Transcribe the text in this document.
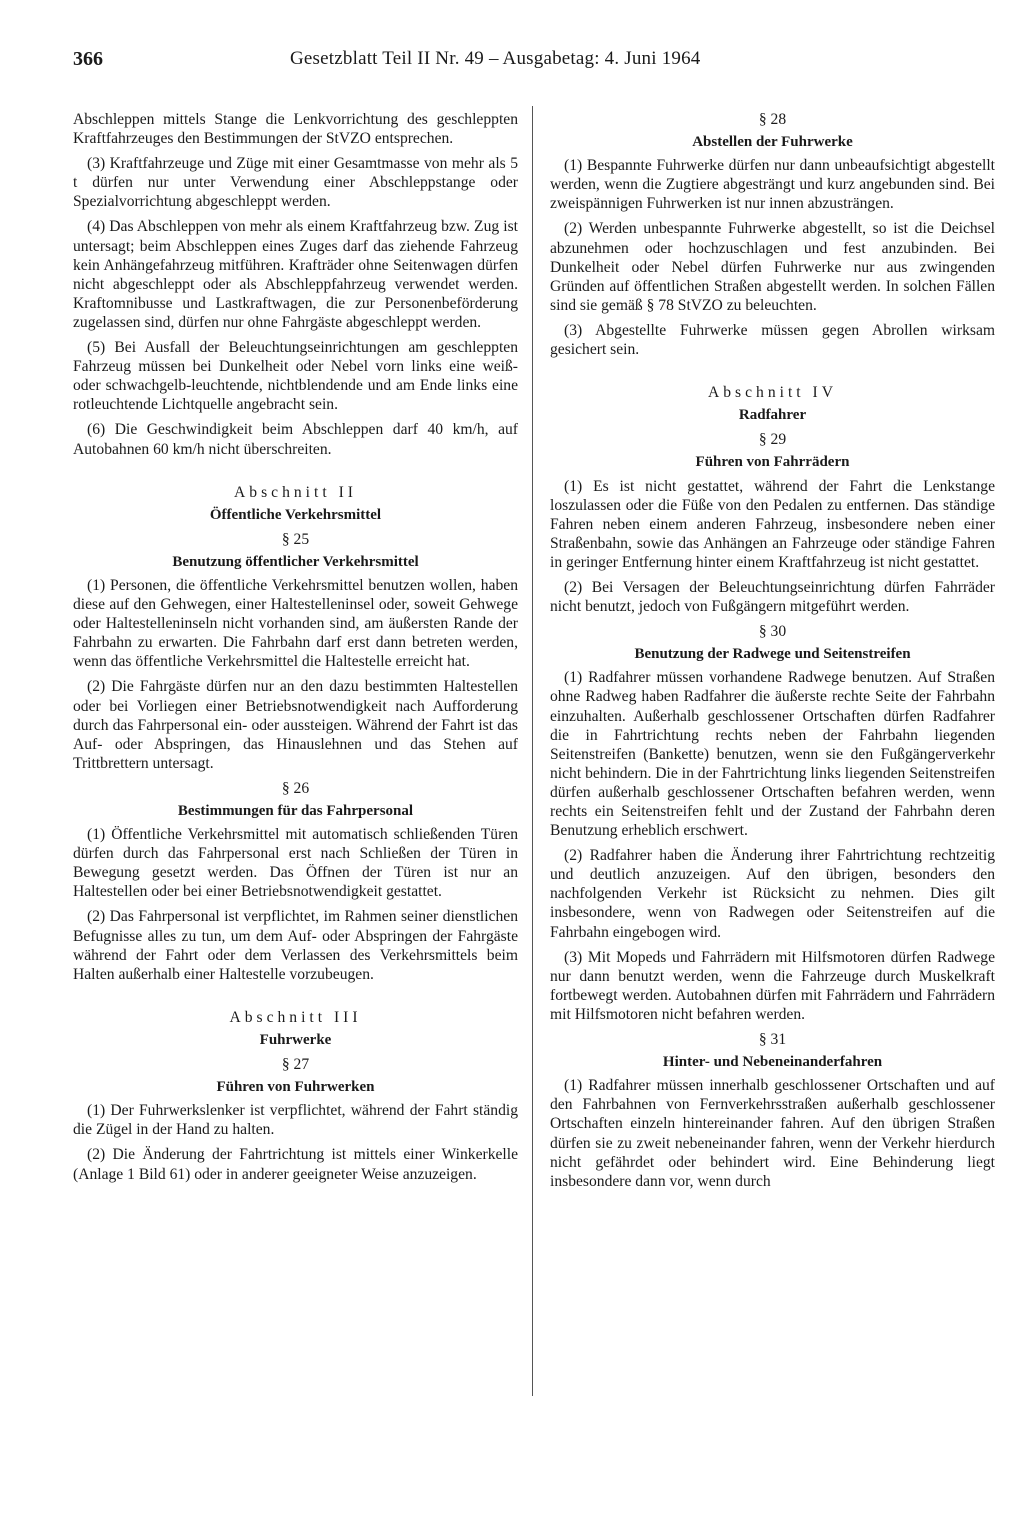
366	Gesetzblatt Teil II Nr. 49 – Ausgabetag: 4. Juni 1964

Abschleppen mittels Stange die Lenkvorrichtung des geschleppten Kraftfahrzeuges den Bestimmungen der StVZO entsprechen.

(3) Kraftfahrzeuge und Züge mit einer Gesamtmasse von mehr als 5 t dürfen nur unter Verwendung einer Abschleppstange oder Spezialvorrichtung abgeschleppt werden.

(4) Das Abschleppen von mehr als einem Kraftfahrzeug bzw. Zug ist untersagt; beim Abschleppen eines Zuges darf das ziehende Fahrzeug kein Anhängefahrzeug mitführen. Krafträder ohne Seitenwagen dürfen nicht abgeschleppt oder als Abschleppfahrzeug verwendet werden. Kraftomnibusse und Lastkraftwagen, die zur Personenbeförderung zugelassen sind, dürfen nur ohne Fahrgäste abgeschleppt werden.

(5) Bei Ausfall der Beleuchtungseinrichtungen am geschleppten Fahrzeug müssen bei Dunkelheit oder Nebel vorn links eine weiß- oder schwachgelb-leuchtende, nichtblendende und am Ende links eine rotleuchtende Lichtquelle angebracht sein.

(6) Die Geschwindigkeit beim Abschleppen darf 40 km/h, auf Autobahnen 60 km/h nicht überschreiten.

Abschnitt II
Öffentliche Verkehrsmittel
§ 25
Benutzung öffentlicher Verkehrsmittel

(1) Personen, die öffentliche Verkehrsmittel benutzen wollen, haben diese auf den Gehwegen, einer Haltestelleninsel oder, soweit Gehwege oder Haltestelleninseln nicht vorhanden sind, am äußersten Rande der Fahrbahn zu erwarten. Die Fahrbahn darf erst dann betreten werden, wenn das öffentliche Verkehrsmittel die Haltestelle erreicht hat.

(2) Die Fahrgäste dürfen nur an den dazu bestimmten Haltestellen oder bei Vorliegen einer Betriebsnotwendigkeit nach Aufforderung durch das Fahrpersonal ein- oder aussteigen. Während der Fahrt ist das Auf- oder Abspringen, das Hinauslehnen und das Stehen auf Trittbrettern untersagt.

§ 26
Bestimmungen für das Fahrpersonal

(1) Öffentliche Verkehrsmittel mit automatisch schließenden Türen dürfen durch das Fahrpersonal erst nach Schließen der Türen in Bewegung gesetzt werden. Das Öffnen der Türen ist nur an Haltestellen oder bei einer Betriebsnotwendigkeit gestattet.

(2) Das Fahrpersonal ist verpflichtet, im Rahmen seiner dienstlichen Befugnisse alles zu tun, um dem Auf- oder Abspringen der Fahrgäste während der Fahrt oder dem Verlassen des Verkehrsmittels beim Halten außerhalb einer Haltestelle vorzubeugen.

Abschnitt III
Fuhrwerke
§ 27
Führen von Fuhrwerken

(1) Der Fuhrwerkslenker ist verpflichtet, während der Fahrt ständig die Zügel in der Hand zu halten.

(2) Die Änderung der Fahrtrichtung ist mittels einer Winkerkelle (Anlage 1 Bild 61) oder in anderer geeigneter Weise anzuzeigen.

§ 28
Abstellen der Fuhrwerke

(1) Bespannte Fuhrwerke dürfen nur dann unbeaufsichtigt abgestellt werden, wenn die Zugtiere abgesträngt und kurz angebunden sind. Bei zweispännigen Fuhrwerken ist nur innen abzusträngen.

(2) Werden unbespannte Fuhrwerke abgestellt, so ist die Deichsel abzunehmen oder hochzuschlagen und fest anzubinden. Bei Dunkelheit oder Nebel dürfen Fuhrwerke nur aus zwingenden Gründen auf öffentlichen Straßen abgestellt werden. In solchen Fällen sind sie gemäß § 78 StVZO zu beleuchten.

(3) Abgestellte Fuhrwerke müssen gegen Abrollen wirksam gesichert sein.

Abschnitt IV
Radfahrer
§ 29
Führen von Fahrrädern

(1) Es ist nicht gestattet, während der Fahrt die Lenkstange loszulassen oder die Füße von den Pedalen zu entfernen. Das ständige Fahren neben einem anderen Fahrzeug, insbesondere neben einer Straßenbahn, sowie das Anhängen an Fahrzeuge oder ständige Fahren in geringer Entfernung hinter einem Kraftfahrzeug ist nicht gestattet.

(2) Bei Versagen der Beleuchtungseinrichtung dürfen Fahrräder nicht benutzt, jedoch von Fußgängern mitgeführt werden.

§ 30
Benutzung der Radwege und Seitenstreifen

(1) Radfahrer müssen vorhandene Radwege benutzen. Auf Straßen ohne Radweg haben Radfahrer die äußerste rechte Seite der Fahrbahn einzuhalten. Außerhalb geschlossener Ortschaften dürfen Radfahrer die in Fahrtrichtung rechts neben der Fahrbahn liegenden Seitenstreifen (Bankette) benutzen, wenn sie den Fußgängerverkehr nicht behindern. Die in der Fahrtrichtung links liegenden Seitenstreifen dürfen außerhalb geschlossener Ortschaften befahren werden, wenn rechts ein Seitenstreifen fehlt und der Zustand der Fahrbahn deren Benutzung erheblich erschwert.

(2) Radfahrer haben die Änderung ihrer Fahrtrichtung rechtzeitig und deutlich anzuzeigen. Auf den übrigen, besonders den nachfolgenden Verkehr ist Rücksicht zu nehmen. Dies gilt insbesondere, wenn von Radwegen oder Seitenstreifen auf die Fahrbahn eingebogen wird.

(3) Mit Mopeds und Fahrrädern mit Hilfsmotoren dürfen Radwege nur dann benutzt werden, wenn die Fahrzeuge durch Muskelkraft fortbewegt werden. Autobahnen dürfen mit Fahrrädern und Fahrrädern mit Hilfsmotoren nicht befahren werden.

§ 31
Hinter- und Nebeneinanderfahren

(1) Radfahrer müssen innerhalb geschlossener Ortschaften und auf den Fahrbahnen von Fernverkehrsstraßen außerhalb geschlossener Ortschaften einzeln hintereinander fahren. Auf den übrigen Straßen dürfen sie zu zweit nebeneinander fahren, wenn der Verkehr hierdurch nicht gefährdet oder behindert wird. Eine Behinderung liegt insbesondere dann vor, wenn durch
